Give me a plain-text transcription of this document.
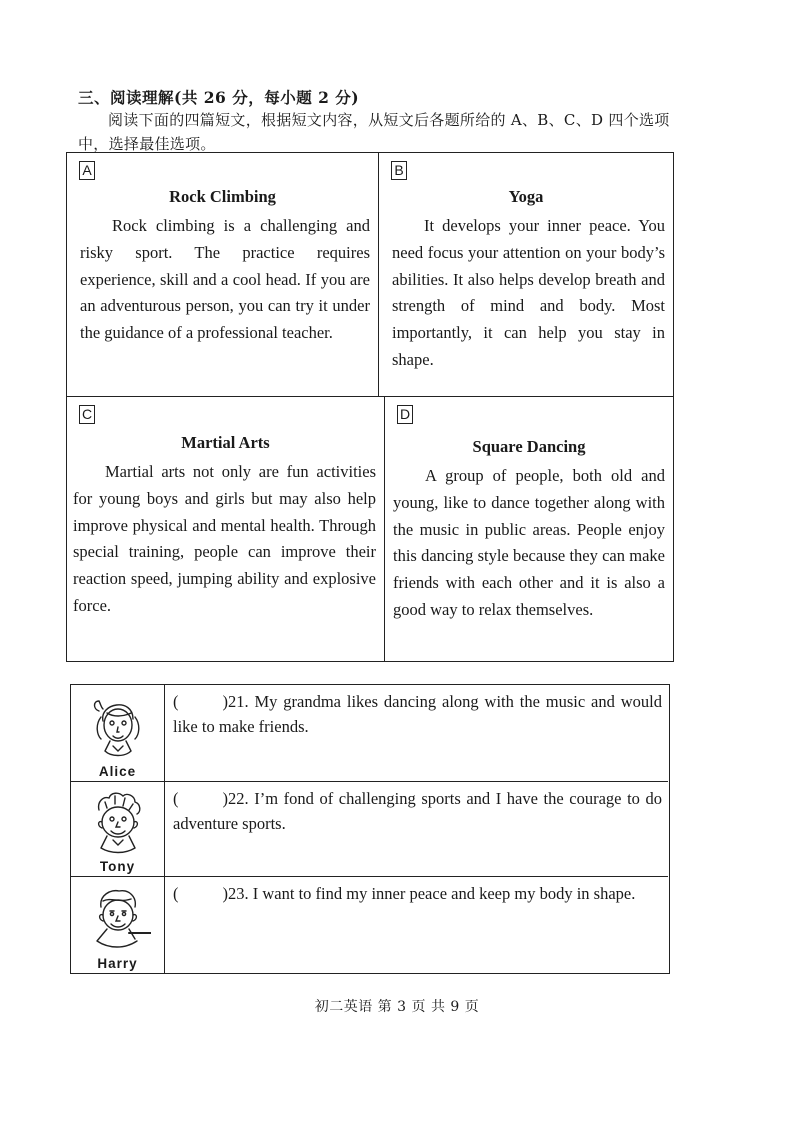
三、阅读理解(共 26 分，每小题 2 分)
阅读下面的四篇短文，根据短文内容，从短文后各题所给的 A、B、C、D 四个选项中，选择最佳选项。
A
Rock Climbing
Rock climbing is a challenging and risky sport. The practice requires experience, skill and a cool head. If you are an adventurous person, you can try it under the guidance of a professional teacher.
B
Yoga
It develops your inner peace. You need focus your attention on your body’s abilities. It also helps develop breath and strength of mind and body. Most importantly, it can help you stay in shape.
C
Martial Arts
Martial arts not only are fun activities for young boys and girls but may also help improve physical and mental health. Through special training, people can improve their reaction speed, jumping ability and explosive force.
D
Square Dancing
A group of people, both old and young, like to dance together along with the music in public areas. People enjoy this dancing style because they can make friends with each other and it is also a good way to relax themselves.
Alice
(	)21. My grandma likes dancing along with the music and would like to make friends.
Tony
(	)22. I’m fond of challenging sports and I have the courage to do adventure sports.
Harry
(	)23. I want to find my inner peace and keep my body in shape.
初二英语 第 3 页 共 9 页
